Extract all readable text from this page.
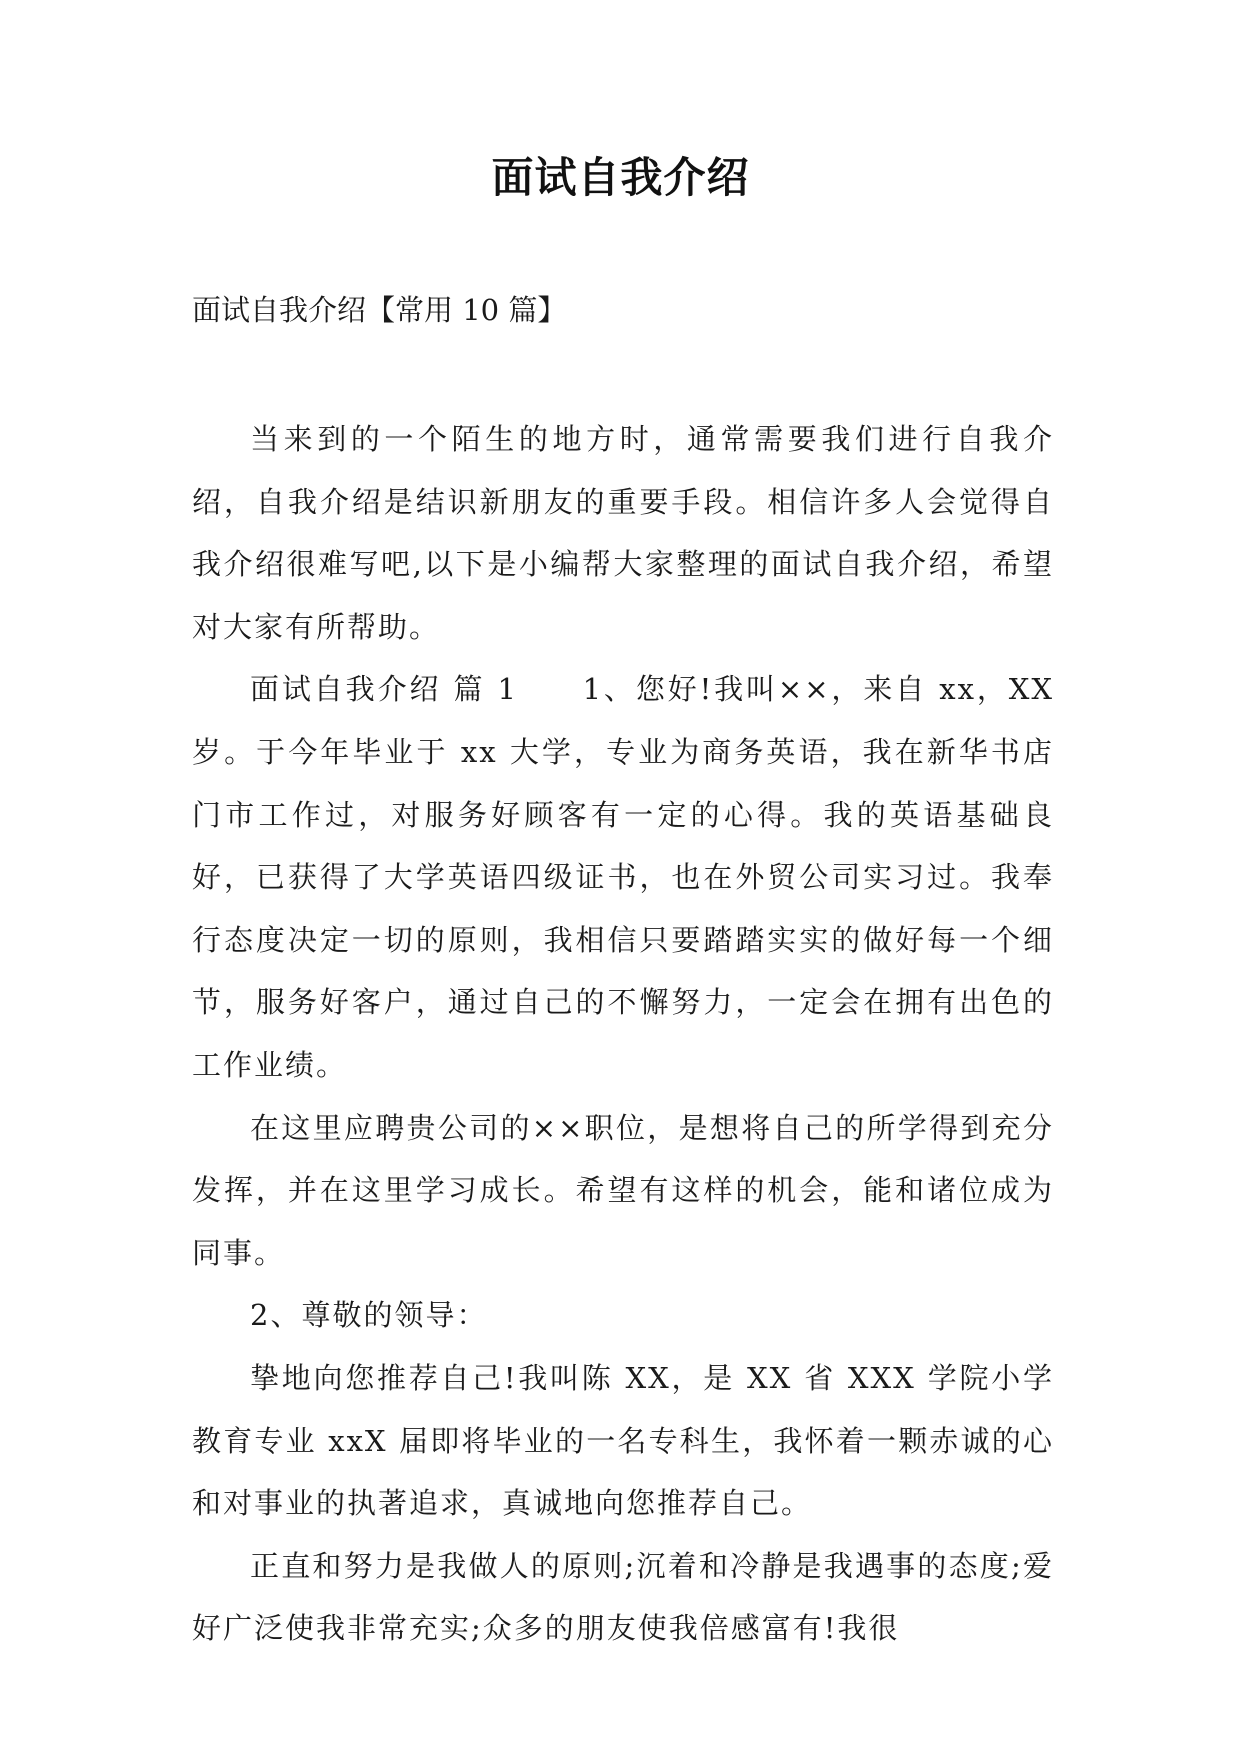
面试自我介绍
面试自我介绍【常用 10 篇】

当来到的一个陌生的地方时，通常需要我们进行自我介绍，自我介绍是结识新朋友的重要手段。相信许多人会觉得自我介绍很难写吧,以下是小编帮大家整理的面试自我介绍，希望对大家有所帮助。

面试自我介绍 篇 1　　1、您好!我叫××，来自 xx，XX 岁。于今年毕业于 xx 大学，专业为商务英语，我在新华书店门市工作过，对服务好顾客有一定的心得。我的英语基础良好，已获得了大学英语四级证书，也在外贸公司实习过。我奉行态度决定一切的原则，我相信只要踏踏实实的做好每一个细节，服务好客户，通过自己的不懈努力，一定会在拥有出色的工作业绩。

在这里应聘贵公司的××职位，是想将自己的所学得到充分发挥，并在这里学习成长。希望有这样的机会，能和诸位成为同事。

2、尊敬的领导：

挚地向您推荐自己!我叫陈 XX，是 XX 省 XXX 学院小学教育专业 xxX 届即将毕业的一名专科生，我怀着一颗赤诚的心和对事业的执著追求，真诚地向您推荐自己。

正直和努力是我做人的原则;沉着和冷静是我遇事的态度;爱好广泛使我非常充实;众多的朋友使我倍感富有!我很
